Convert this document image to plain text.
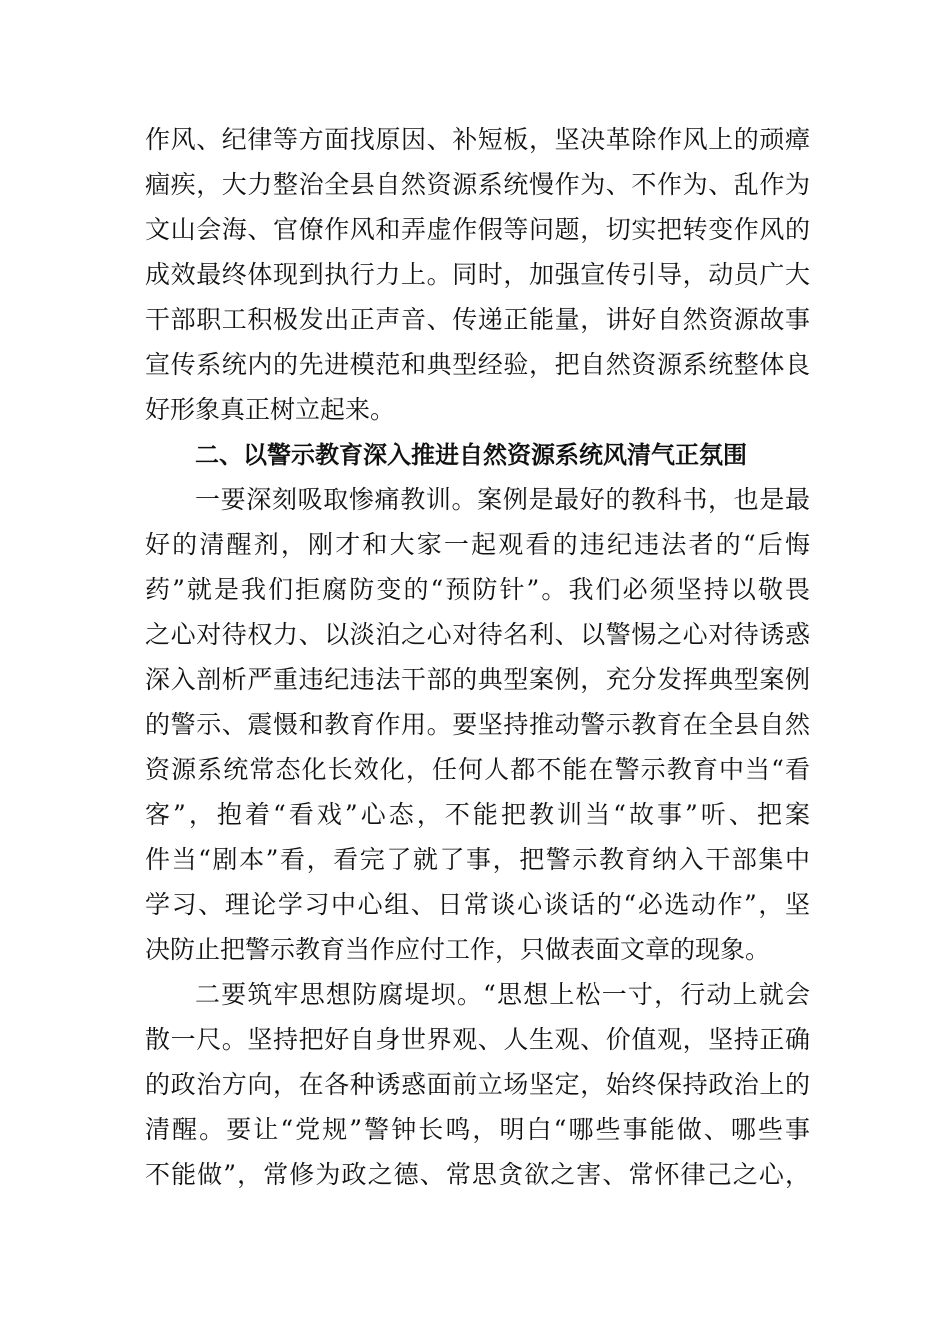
作风、纪律等方面找原因、补短板，坚决革除作风上的顽瘴
痼疾，大力整治全县自然资源系统慢作为、不作为、乱作为
文山会海、官僚作风和弄虚作假等问题，切实把转变作风的
成效最终体现到执行力上。同时，加强宣传引导，动员广大
干部职工积极发出正声音、传递正能量，讲好自然资源故事
宣传系统内的先进模范和典型经验，把自然资源系统整体良
好形象真正树立起来。
二、以警示教育深入推进自然资源系统风清气正氛围
一要深刻吸取惨痛教训。案例是最好的教科书，也是最
好的清醒剂，刚才和大家一起观看的违纪违法者的“后悔
药”就是我们拒腐防变的“预防针”。我们必须坚持以敬畏
之心对待权力、以淡泊之心对待名利、以警惕之心对待诱惑
深入剖析严重违纪违法干部的典型案例，充分发挥典型案例
的警示、震慑和教育作用。要坚持推动警示教育在全县自然
资源系统常态化长效化，任何人都不能在警示教育中当“看
客”，抱着“看戏”心态，不能把教训当“故事”听、把案
件当“剧本”看，看完了就了事，把警示教育纳入干部集中
学习、理论学习中心组、日常谈心谈话的“必选动作”，坚
决防止把警示教育当作应付工作，只做表面文章的现象。
二要筑牢思想防腐堤坝。“思想上松一寸，行动上就会
散一尺。坚持把好自身世界观、人生观、价值观，坚持正确
的政治方向，在各种诱惑面前立场坚定，始终保持政治上的
清醒。要让“党规”警钟长鸣，明白“哪些事能做、哪些事
不能做”，常修为政之德、常思贪欲之害、常怀律己之心，
